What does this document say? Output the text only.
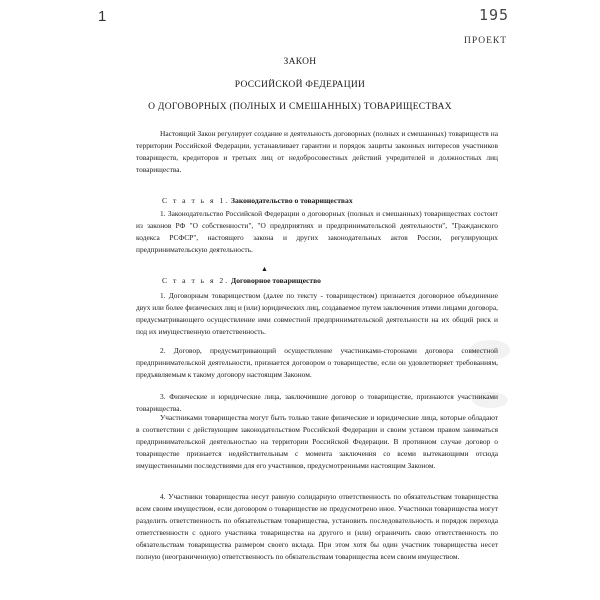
1	195
ПРОЕКТ
ЗАКОН
РОССИЙСКОЙ ФЕДЕРАЦИИ
О ДОГОВОРНЫХ (ПОЛНЫХ И СМЕШАННЫХ) ТОВАРИЩЕСТВАХ

Настоящий Закон регулирует создание и деятельность договорных (полных и смешанных) товариществ на территории Российской Федерации, устанавливает гарантии и порядок защиты законных интересов участников товариществ, кредиторов и третьих лиц от недобросовестных действий учредителей и должностных лиц товарищества.

С т а т ь я 1. Законодательство о товариществах

1. Законодательство Российской Федерации о договорных (полных и смешанных) товариществах состоит из законов РФ "О собственности", "О предприятиях и предпринимательской деятельности", "Гражданского кодекса РСФСР", настоящего закона и других законодательных актов России, регулирующих предпринимательскую деятельность.

▲
С т а т ь я 2. Договорное товарищество

1. Договорным товариществом (далее по тексту - товариществом) признается договорное объединение двух или более физических лиц и (или) юридических лиц, создаваемое путем заключения этими лицами договора, предусматривающего осуществление ими совместной предпринимательской деятельности на их общий риск и под их имущественную ответственность.

2. Договор, предусматривающий осуществление участниками-сторонами договора совместной предпринимательской деятельности, признается договором о товариществе, если он удовлетворяет требованиям, предъявляемым к такому договору настоящим Законом.

3. Физические и юридические лица, заключившие договор о товариществе, признаются участниками товарищества.

Участниками товарищества могут быть только такие физические и юридические лица, которые обладают в соответствии с действующим законодательством Российской Федерации и своим уставом правом заниматься предпринимательской деятельностью на территории Российской Федерации. В противном случае договор о товариществе признается недействительным с момента заключения со всеми вытекающими отсюда имущественными последствиями для его участников, предусмотренными настоящим Законом.

4. Участники товарищества несут равную солидарную ответственность по обязательствам товарищества всем своим имуществом, если договором о товариществе не предусмотрено иное. Участники товарищества могут разделить ответственность по обязательствам товарищества, установить последовательность и порядок перехода ответственности с одного участника товарищества на другого и (или) ограничить свою ответственность по обязательствам товарищества размером своего вклада. При этом хотя бы один участник товарищества несет полную (неограниченную) ответственность по обязательствам товарищества всем своим имуществом.
